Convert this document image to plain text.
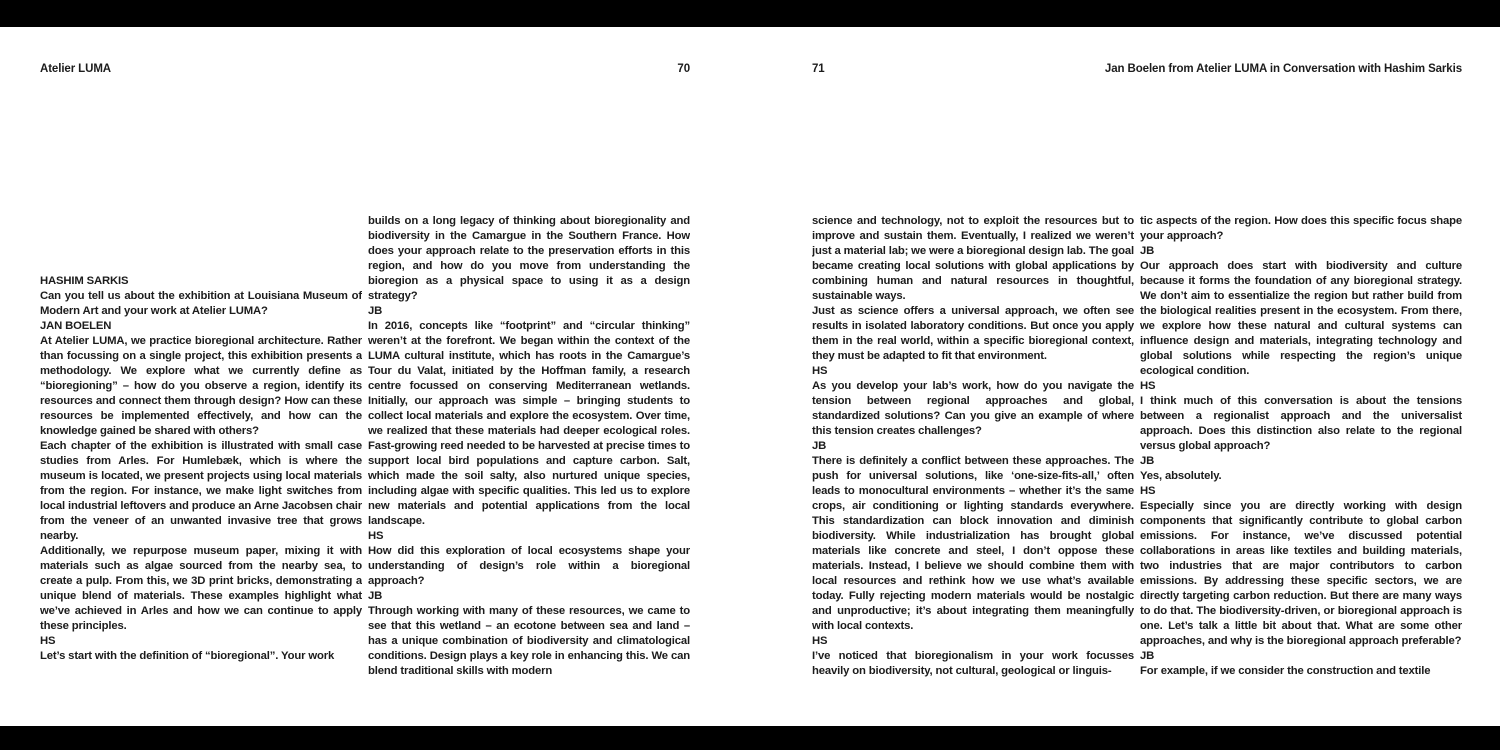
Atelier LUMA	70
HASHIM SARKIS
Can you tell us about the exhibition at Louisiana Museum of Modern Art and your work at Atelier LUMA?
JAN BOELEN
At Atelier LUMA, we practice bioregional architecture. Rather than focussing on a single project, this exhibition presents a methodology. We explore what we currently define as “bioregioning” – how do you observe a region, identify its resources and connect them through design? How can these resources be implemented effectively, and how can the knowledge gained be shared with others?
Each chapter of the exhibition is illustrated with small case studies from Arles. For Humlebæk, which is where the museum is located, we present projects using local materials from the region. For instance, we make light switches from local industrial leftovers and produce an Arne Jacobsen chair from the veneer of an unwanted invasive tree that grows nearby.
Additionally, we repurpose museum paper, mixing it with materials such as algae sourced from the nearby sea, to create a pulp. From this, we 3D print bricks, demonstrating a unique blend of materials. These examples highlight what we’ve achieved in Arles and how we can continue to apply these principles.
HS
Let’s start with the definition of “bioregional”. Your work
builds on a long legacy of thinking about bioregionality and biodiversity in the Camargue in the Southern France. How does your approach relate to the preservation efforts in this region, and how do you move from understanding the bioregion as a physical space to using it as a design strategy?
JB
In 2016, concepts like “footprint” and “circular thinking” weren’t at the forefront. We began within the context of the LUMA cultural institute, which has roots in the Camargue’s Tour du Valat, initiated by the Hoffman family, a research centre focussed on conserving Mediterranean wetlands. Initially, our approach was simple – bringing students to collect local materials and explore the ecosystem. Over time, we realized that these materials had deeper ecological roles. Fast-growing reed needed to be harvested at precise times to support local bird populations and capture carbon. Salt, which made the soil salty, also nurtured unique species, including algae with specific qualities. This led us to explore new materials and potential applications from the local landscape.
HS
How did this exploration of local ecosystems shape your understanding of design’s role within a bioregional approach?
JB
Through working with many of these resources, we came to see that this wetland – an ecotone between sea and land – has a unique combination of biodiversity and climatological conditions. Design plays a key role in enhancing this. We can blend traditional skills with modern
71	Jan Boelen from Atelier LUMA in Conversation with Hashim Sarkis
science and technology, not to exploit the resources but to improve and sustain them. Eventually, I realized we weren’t just a material lab; we were a bioregional design lab. The goal became creating local solutions with global applications by combining human and natural resources in thoughtful, sustainable ways.
Just as science offers a universal approach, we often see results in isolated laboratory conditions. But once you apply them in the real world, within a specific bioregional context, they must be adapted to fit that environment.
HS
As you develop your lab’s work, how do you navigate the tension between regional approaches and global, standardized solutions? Can you give an example of where this tension creates challenges?
JB
There is definitely a conflict between these approaches. The push for universal solutions, like ‘one-size-fits-all,’ often leads to monocultural environments – whether it’s the same crops, air conditioning or lighting standards everywhere. This standardization can block innovation and diminish biodiversity. While industrialization has brought global materials like concrete and steel, I don’t oppose these materials. Instead, I believe we should combine them with local resources and rethink how we use what’s available today. Fully rejecting modern materials would be nostalgic and unproductive; it’s about integrating them meaningfully with local contexts.
HS
I’ve noticed that bioregionalism in your work focusses heavily on biodiversity, not cultural, geological or linguis-
tic aspects of the region. How does this specific focus shape your approach?
JB
Our approach does start with biodiversity and culture because it forms the foundation of any bioregional strategy. We don’t aim to essentialize the region but rather build from the biological realities present in the ecosystem. From there, we explore how these natural and cultural systems can influence design and materials, integrating technology and global solutions while respecting the region’s unique ecological condition.
HS
I think much of this conversation is about the tensions between a regionalist approach and the universalist approach. Does this distinction also relate to the regional versus global approach?
JB
Yes, absolutely.
HS
Especially since you are directly working with design components that significantly contribute to global carbon emissions. For instance, we’ve discussed potential collaborations in areas like textiles and building materials, two industries that are major contributors to carbon emissions. By addressing these specific sectors, we are directly targeting carbon reduction. But there are many ways to do that. The biodiversity-driven, or bioregional approach is one. Let’s talk a little bit about that. What are some other approaches, and why is the bioregional approach preferable?
JB
For example, if we consider the construction and textile
